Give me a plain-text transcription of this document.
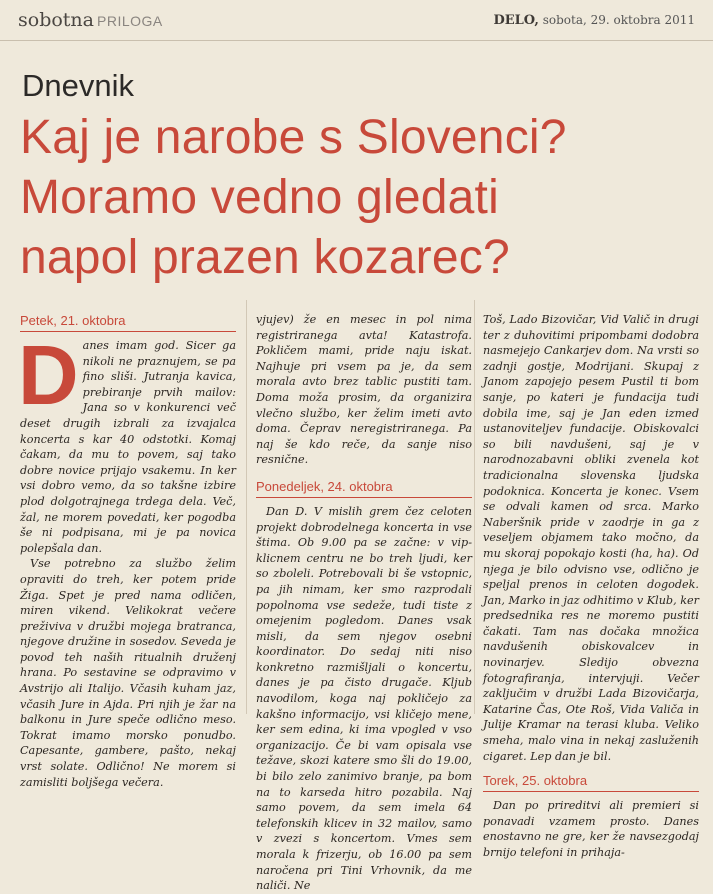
sobotna PRILOGA	DELO, sobota, 29. oktobra 2011
Dnevnik
Kaj je narobe s Slovenci?
Moramo vedno gledati
napol prazen kozarec?
Petek, 21. oktobra
D anes imam god. Sicer ga nikoli ne praznujem, se pa fino sliši. Jutranja kavica, prebiranje prvih mailov: Jana so v konkurenci več deset drugih izbrali za izvajalca koncerta s kar 40 odstotki. Komaj čakam, da mu to povem, saj tako dobre novice prijajo vsakemu. In ker vsi dobro vemo, da so takšne izbire plod dolgotrajnega trdega dela. Več, žal, ne morem povedati, ker pogodba še ni podpisana, mi je pa novica polepšala dan.

Vse potrebno za službo želim opraviti do treh, ker potem pride Žiga. Spet je pred nama odličen, miren vikend. Velikokrat večere preživiva v družbi mojega bratranca, njegove družine in sosedov. Seveda je povod teh naših ritualnih druženj hrana. Po sestavine se odpravimo v Avstrijo ali Italijo. Včasih kuham jaz, včasih Jure in Ajda. Pri njih je žar na balkonu in Jure speče odlično meso. Tokrat imamo morsko ponudbo. Capesante, gambere, pašto, nekaj vrst solate. Odlično! Ne morem si zamisliti boljšega večera.

vjujev) že en mesec in pol nima registriranega avta! Katastrofa. Pokličem mami, pride naju iskat. Najhuje pri vsem pa je, da sem morala avto brez tablic pustiti tam. Doma moža prosim, da organizira vlečno službo, ker želim imeti avto doma. Čeprav neregistriranega. Pa naj še kdo reče, da sanje niso resnične.

Ponedeljek, 24. oktobra

Dan D. V mislih grem čez celoten projekt dobrodelnega koncerta in vse štima. Ob 9.00 pa se začne: v vip-klicnem centru ne bo treh ljudi, ker so zboleli. Potrebovali bi še vstopnic, pa jih nimam, ker smo razprodali popolnoma vse sedeže, tudi tiste z omejenim pogledom. Danes vsak misli, da sem njegov osebni koordinator. Do sedaj niti niso konkretno razmišljali o koncertu, danes je pa čisto drugače. Kljub navodilom, koga naj pokličejo za kakšno informacijo, vsi kličejo mene, ker sem edina, ki ima vpogled v vso organizacijo. Če bi vam opisala vse težave, skozi katere smo šli do 19.00, bi bilo zelo zanimivo branje, pa bom na to karseda hitro pozabila. Naj samo povem, da sem imela 64 telefonskih klicev in 32 mailov, samo v zvezi s koncertom. Vmes sem morala k frizerju, ob 16.00 pa sem naročena pri Tini Vrhovnik, da me naliči. Ne

Toš, Lado Bizovičar, Vid Valič in drugi ter z duhovitimi pripombami dodobra nasmejejo Cankarjev dom. Na vrsti so zadnji gostje, Modrijani. Skupaj z Janom zapojejo pesem Pustil ti bom sanje, po kateri je fundacija tudi dobila ime, saj je Jan eden izmed ustanoviteljev fundacije. Obiskovalci so bili navdušeni, saj je v narodnozabavni obliki zvenela kot tradicionalna slovenska ljudska podoknica. Koncerta je konec. Vsem se odvali kamen od srca. Marko Naberšnik pride v zaodrje in ga z veseljem objamem tako močno, da mu skoraj popokajo kosti (ha, ha). Od njega je bilo odvisno vse, odlično je speljal prenos in celoten dogodek. Jan, Marko in jaz odhitimo v Klub, ker predsednika res ne moremo pustiti čakati. Tam nas dočaka množica navdušenih obiskovalcev in novinarjev. Sledijo obvezna fotografiranja, intervjuji. Večer zaključim v družbi Lada Bizovičarja, Katarine Čas, Ote Roš, Vida Valiča in Julije Kramar na terasi kluba. Veliko smeha, malo vina in nekaj zasluženih cigaret. Lep dan je bil.

Torek, 25. oktobra

Dan po prireditvi ali premieri si ponavadi vzamem prosto. Danes enostavno ne gre, ker že navsezgodaj brnijo telefoni in prihaja-
